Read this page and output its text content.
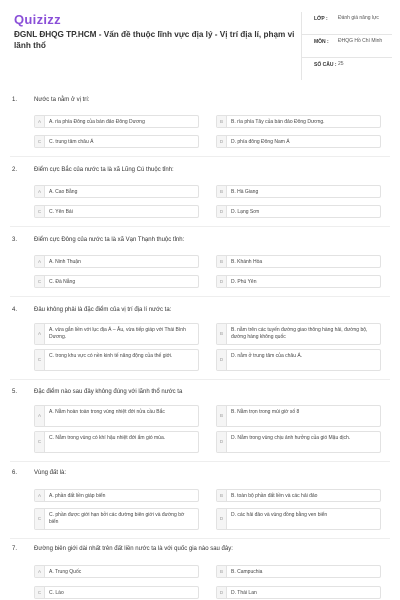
Quizizz
ĐGNL ĐHQG TP.HCM - Vấn đề thuộc lĩnh vực địa lý - Vị trí địa lí, phạm vi lãnh thổ
LỚP : Đánh giá năng lực
MÔN : ĐHQG Hồ Chí Minh
SỐ CÂU : 25
1.	Nước ta nằm ở vị trí:
A	A. rìa phía Đông của bán đảo Đông Dương	B	B. rìa phía Tây của bán đảo Đông Dương.
C	C. trung tâm châu Á	D	D. phía đông Đông Nam Á
2.	Điểm cực Bắc của nước ta là xã Lũng Cú thuộc tỉnh:
A	A. Cao Bằng	B	B. Hà Giang
C	C. Yên Bái	D	D. Lạng Sơn
3.	Điểm cực Đông của nước ta là xã Vạn Thạnh thuộc tỉnh:
A	A. Ninh Thuận	B	B. Khánh Hòa
C	C. Đà Nẵng	D	D. Phú Yên
4.	Đâu không phải là đặc điểm của vị trí địa lí nước ta:
A
A. vừa gắn liền với lục địa Á – Âu, vừa tiếp giáp với Thái Bình Dương.	B
B. nằm trên các tuyến đường giao thông hàng hải, đường bộ, đường hàng không quốc
C
C. trong khu vực có nền kinh tế năng động của thế giới.
D
D. nằm ở trung tâm của châu Á.
5.	Đặc điểm nào sau đây không đúng với lãnh thổ nước ta
A
A. Nằm hoàn toàn trong vùng nhiệt đới nửa cầu Bắc
B
B. Nằm trọn trong múi giờ số 8
C
C. Nằm trong vùng có khí hậu nhiệt đới ẩm gió mùa.
D
D. Nằm trong vùng chịu ảnh hưởng của gió Mậu dịch.
6.	Vùng đất là:
A	A. phần đất liền giáp biển	B	B. toàn bộ phần đất liền và các hải đảo
C
C. phần được giới hạn bởi các đường biên giới và đường bờ biển	D
D. các hải đảo và vùng đồng bằng ven biển
7.	Đường biên giới dài nhất trên đất liền nước ta là với quốc gia nào sau đây:
A	A. Trung Quốc	B	B. Campuchia
C	C. Lào	D	D. Thái Lan
